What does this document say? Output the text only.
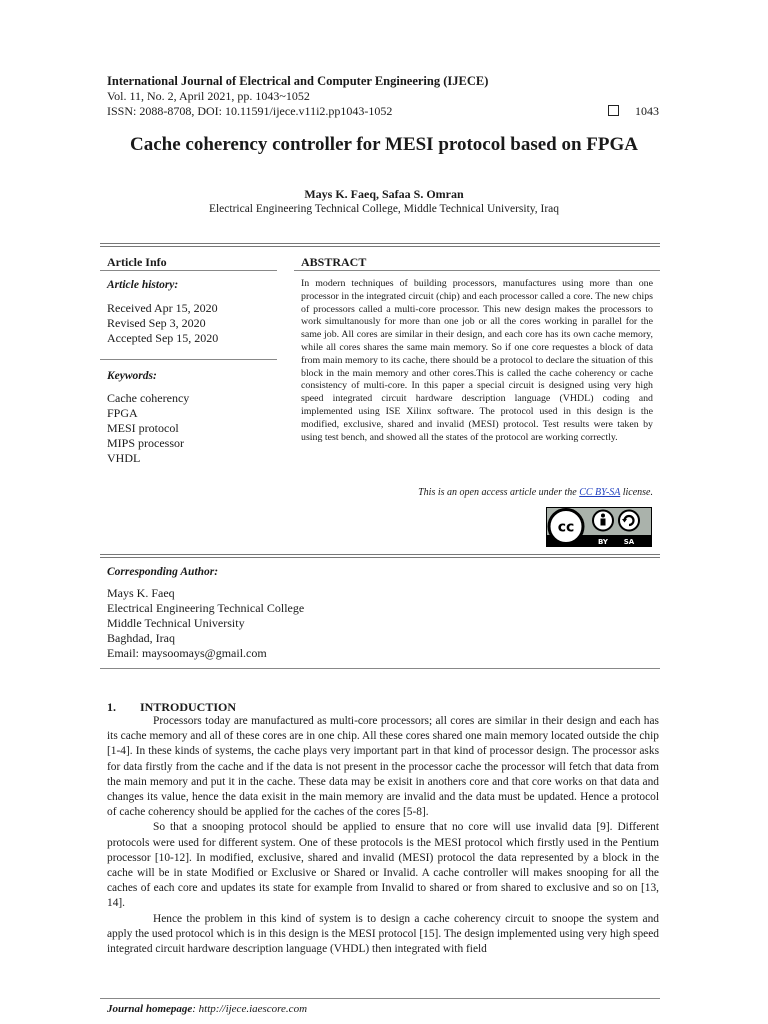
International Journal of Electrical and Computer Engineering (IJECE)
Vol. 11, No. 2, April 2021, pp. 1043~1052
ISSN: 2088-8708, DOI: 10.11591/ijece.v11i2.pp1043-1052	1043
Cache coherency controller for MESI protocol based on FPGA
Mays K. Faeq, Safaa S. Omran
Electrical Engineering Technical College, Middle Technical University, Iraq
Article Info
Article history:
Received Apr 15, 2020
Revised Sep 3, 2020
Accepted Sep 15, 2020
Keywords:
Cache coherency
FPGA
MESI protocol
MIPS processor
VHDL
ABSTRACT

In modern techniques of building processors, manufactures using more than one processor in the integrated circuit (chip) and each processor called a core. The new chips of processors called a multi-core processor. This new design makes the processors to work simultanously for more than one job or all the cores working in parallel for the same job. All cores are similar in their design, and each core has its own cache memory, while all cores shares the same main memory. So if one core requestes a block of data from main memory to its cache, there should be a protocol to declare the situation of this block in the main memory and other cores.This is called the cache coherency or cache consistency of multi-core. In this paper a special circuit is designed using very high speed integrated circuit hardware description language (VHDL) coding and implemented using ISE Xilinx software. The protocol used in this design is the modified, exclusive, shared and invalid (MESI) protocol. Test results were taken by using test bench, and showed all the states of the protocol are working correctly.

This is an open access article under the CC BY-SA license.
cc
BY SA
Corresponding Author:
Mays K. Faeq
Electrical Engineering Technical College
Middle Technical University
Baghdad, Iraq
Email: maysoomays@gmail.com
1. INTRODUCTION

Processors today are manufactured as multi-core processors; all cores are similar in their design and each has its cache memory and all of these cores are in one chip. All these cores shared one main memory located outside the chip [1-4]. In these kinds of systems, the cache plays very important part in that kind of processor design. The processor asks for data firstly from the cache and if the data is not present in the processor cache the processor will fetch that data from the main memory and put it in the cache. These data may be exisit in anothers core and that core works on that data and changes its value, hence the data exisit in the main memory are invalid and the data must be updated. Hence a protocol of cache coherency should be applied for the caches of the cores [5-8].

So that a snooping protocol should be applied to ensure that no core will use invalid data [9]. Different protocols were used for different system. One of these protocols is the MESI protocol which firstly used in the Pentium processor [10-12]. In modified, exclusive, shared and invalid (MESI) protocol the data represented by a block in the cache will be in state Modified or Exclusive or Shared or Invalid. A cache controller will makes snooping for all the caches of each core and updates its state for example from Invalid to shared or from shared to exclusive and so on [13, 14].

Hence the problem in this kind of system is to design a cache coherency circuit to snoope the system and apply the used protocol which is in this design is the MESI protocol [15]. The design implemented using very high speed integrated circuit hardware description language (VHDL) then integrated with field

Journal homepage: http://ijece.iaescore.com
